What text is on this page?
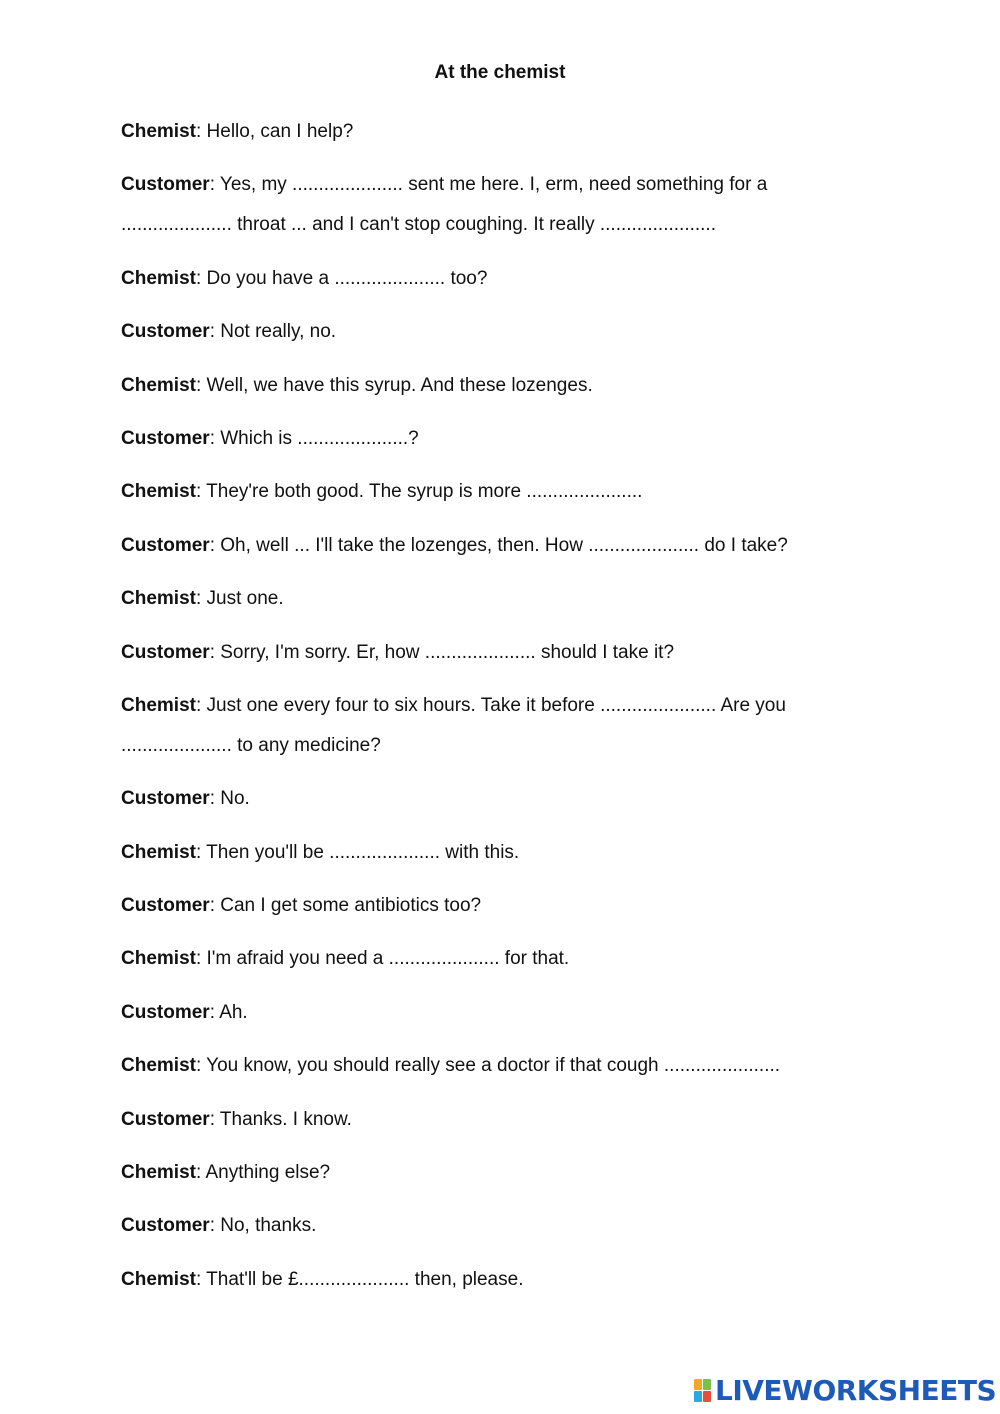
At the chemist

Chemist: Hello, can I help?

Customer: Yes, my ..................... sent me here. I, erm, need something for a ..................... throat ... and I can't stop coughing. It really ......................

Chemist: Do you have a ..................... too?

Customer: Not really, no.

Chemist: Well, we have this syrup. And these lozenges.

Customer: Which is .....................?

Chemist: They're both good. The syrup is more ......................

Customer: Oh, well ... I'll take the lozenges, then. How ..................... do I take?

Chemist: Just one.

Customer: Sorry, I'm sorry. Er, how ..................... should I take it?

Chemist: Just one every four to six hours. Take it before ...................... Are you ..................... to any medicine?

Customer: No.

Chemist: Then you'll be ..................... with this.

Customer: Can I get some antibiotics too?

Chemist: I'm afraid you need a ..................... for that.

Customer: Ah.

Chemist: You know, you should really see a doctor if that cough ......................

Customer: Thanks. I know.

Chemist: Anything else?

Customer: No, thanks.

Chemist: That'll be £..................... then, please.

LIVEWORKSHEETS
